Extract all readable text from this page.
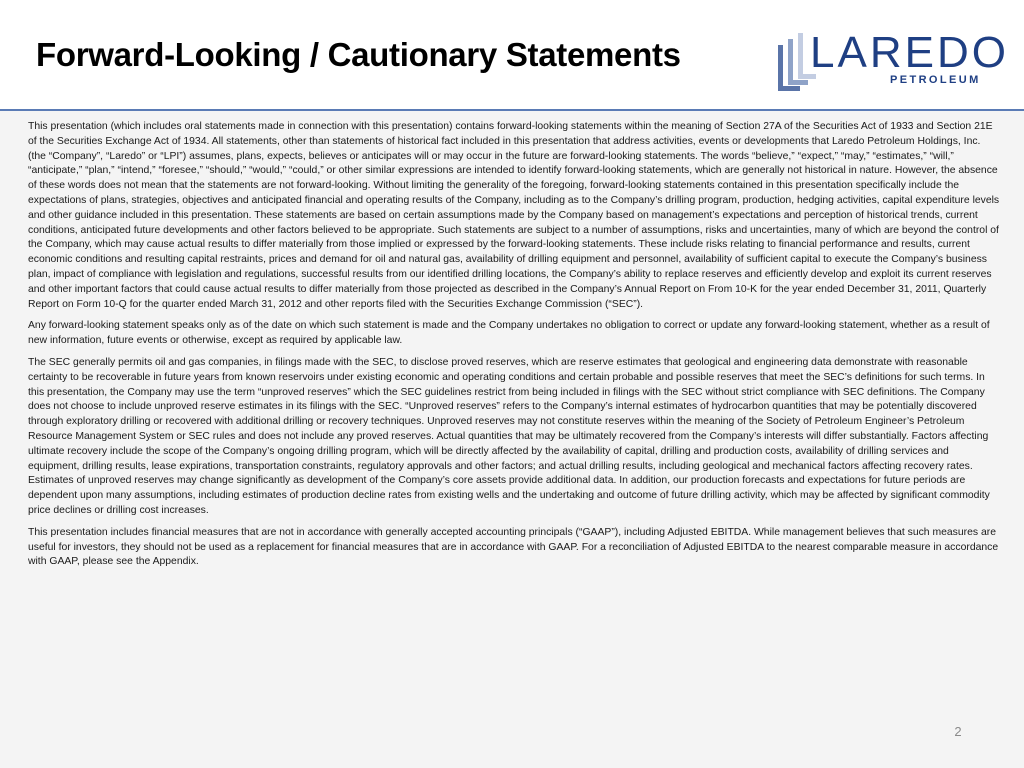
Forward-Looking / Cautionary Statements	LAREDO
PETROLEUM

This presentation (which includes oral statements made in connection with this presentation) contains forward-looking statements within the meaning of Section 27A of the Securities Act of 1933 and Section 21E of the Securities Exchange Act of 1934. All statements, other than statements of historical fact included in this presentation that address activities, events or developments that Laredo Petroleum Holdings, Inc. (the “Company”, “Laredo” or “LPI”) assumes, plans, expects, believes or anticipates will or may occur in the future are forward-looking statements. The words “believe,” “expect,” “may,” “estimates,” “will,” “anticipate,” “plan,” “intend,” “foresee,” “should,” “would,” “could,” or other similar expressions are intended to identify forward-looking statements, which are generally not historical in nature. However, the absence of these words does not mean that the statements are not forward-looking. Without limiting the generality of the foregoing, forward-looking statements contained in this presentation specifically include the expectations of plans, strategies, objectives and anticipated financial and operating results of the Company, including as to the Company’s drilling program, production, hedging activities, capital expenditure levels and other guidance included in this presentation. These statements are based on certain assumptions made by the Company based on management’s expectations and perception of historical trends, current conditions, anticipated future developments and other factors believed to be appropriate. Such statements are subject to a number of assumptions, risks and uncertainties, many of which are beyond the control of the Company, which may cause actual results to differ materially from those implied or expressed by the forward-looking statements. These include risks relating to financial performance and results, current economic conditions and resulting capital restraints, prices and demand for oil and natural gas, availability of drilling equipment and personnel, availability of sufficient capital to execute the Company’s business plan, impact of compliance with legislation and regulations, successful results from our identified drilling locations, the Company’s ability to replace reserves and efficiently develop and exploit its current reserves and other important factors that could cause actual results to differ materially from those projected as described in the Company’s Annual Report on From 10-K for the year ended December 31, 2011, Quarterly Report on Form 10-Q for the quarter ended March 31, 2012 and other reports filed with the Securities Exchange Commission (“SEC”).

Any forward-looking statement speaks only as of the date on which such statement is made and the Company undertakes no obligation to correct or update any forward-looking statement, whether as a result of new information, future events or otherwise, except as required by applicable law.

The SEC generally permits oil and gas companies, in filings made with the SEC, to disclose proved reserves, which are reserve estimates that geological and engineering data demonstrate with reasonable certainty to be recoverable in future years from known reservoirs under existing economic and operating conditions and certain probable and possible reserves that meet the SEC’s definitions for such terms. In this presentation, the Company may use the term “unproved reserves” which the SEC guidelines restrict from being included in filings with the SEC without strict compliance with SEC definitions. The Company does not choose to include unproved reserve estimates in its filings with the SEC. “Unproved reserves” refers to the Company’s internal estimates of hydrocarbon quantities that may be potentially discovered through exploratory drilling or recovered with additional drilling or recovery techniques. Unproved reserves may not constitute reserves within the meaning of the Society of Petroleum Engineer’s Petroleum Resource Management System or SEC rules and does not include any proved reserves. Actual quantities that may be ultimately recovered from the Company’s interests will differ substantially. Factors affecting ultimate recovery include the scope of the Company’s ongoing drilling program, which will be directly affected by the availability of capital, drilling and production costs, availability of drilling services and equipment, drilling results, lease expirations, transportation constraints, regulatory approvals and other factors; and actual drilling results, including geological and mechanical factors affecting recovery rates. Estimates of unproved reserves may change significantly as development of the Company’s core assets provide additional data. In addition, our production forecasts and expectations for future periods are dependent upon many assumptions, including estimates of production decline rates from existing wells and the undertaking and outcome of future drilling activity, which may be affected by significant commodity price declines or drilling cost increases.

This presentation includes financial measures that are not in accordance with generally accepted accounting principals (“GAAP”), including Adjusted EBITDA. While management believes that such measures are useful for investors, they should not be used as a replacement for financial measures that are in accordance with GAAP. For a reconciliation of Adjusted EBITDA to the nearest comparable measure in accordance with GAAP, please see the Appendix.

2
